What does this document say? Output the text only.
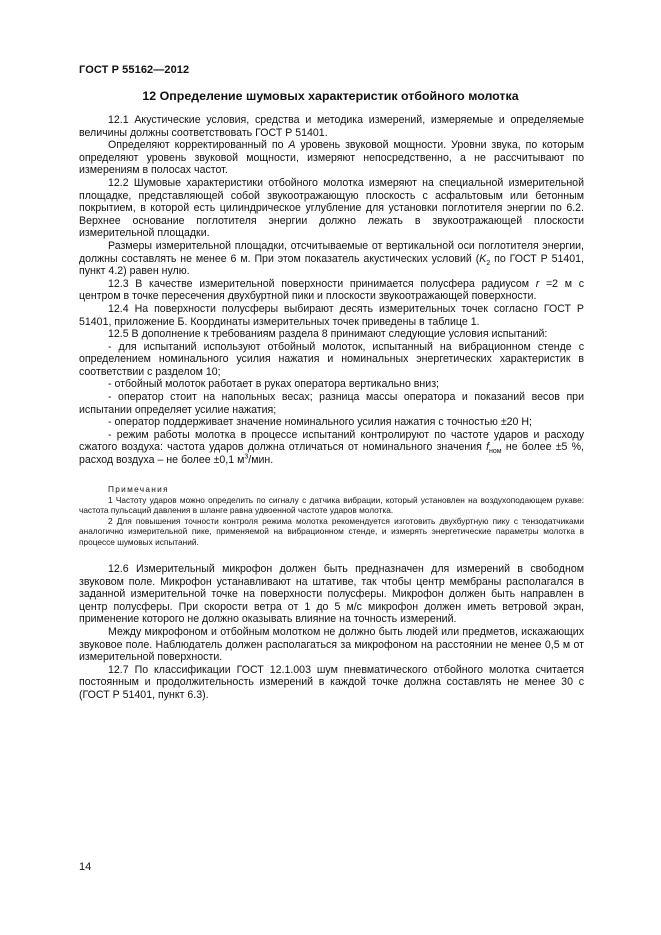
ГОСТ Р 55162—2012
12 Определение шумовых характеристик отбойного молотка

12.1 Акустические условия, средства и методика измерений, измеряемые и определяемые величины должны соответствовать ГОСТ Р 51401.

Определяют корректированный по A уровень звуковой мощности. Уровни звука, по которым определяют уровень звуковой мощности, измеряют непосредственно, а не рассчитывают по измерениям в полосах частот.

12.2 Шумовые характеристики отбойного молотка измеряют на специальной измерительной площадке, представляющей собой звукоотражающую плоскость с асфальтовым или бетонным покрытием, в которой есть цилиндрическое углубление для установки поглотителя энергии по 6.2. Верхнее основание поглотителя энергии должно лежать в звукоотражающей плоскости измерительной площадки.

Размеры измерительной площадки, отсчитываемые от вертикальной оси поглотителя энергии, должны составлять не менее 6 м. При этом показатель акустических условий ($K_2$ по ГОСТ Р 51401, пункт 4.2) равен нулю.

12.3 В качестве измерительной поверхности принимается полусфера радиусом r =2 м с центром в точке пересечения двухбуртной пики и плоскости звукоотражающей поверхности.

12.4 На поверхности полусферы выбирают десять измерительных точек согласно ГОСТ Р 51401, приложение Б. Координаты измерительных точек приведены в таблице 1.

12.5 В дополнение к требованиям раздела 8 принимают следующие условия испытаний:

- для испытаний используют отбойный молоток, испытанный на вибрационном стенде с определением номинального усилия нажатия и номинальных энергетических характеристик в соответствии с разделом 10;

- отбойный молоток работает в руках оператора вертикально вниз;

- оператор стоит на напольных весах; разница массы оператора и показаний весов при испытании определяет усилие нажатия;

- оператор поддерживает значение номинального усилия нажатия с точностью ±20 Н;

- режим работы молотка в процессе испытаний контролируют по частоте ударов и расходу сжатого воздуха: частота ударов должна отличаться от номинального значения $f_{ном}$ не более ±5 %, расход воздуха – не более ±0,1 $м^3$/мин.

Примечания

1 Частоту ударов можно определить по сигналу с датчика вибрации, который установлен на воздухоподающем рукаве: частота пульсаций давления в шланге равна удвоенной частоте ударов молотка.

2 Для повышения точности контроля режима молотка рекомендуется изготовить двухбуртную пику с тензодатчиками аналогично измерительной пике, применяемой на вибрационном стенде, и измерять энергетические параметры молотка в процессе шумовых испытаний.

12.6 Измерительный микрофон должен быть предназначен для измерений в свободном звуковом поле. Микрофон устанавливают на штативе, так чтобы центр мембраны располагался в заданной измерительной точке на поверхности полусферы. Микрофон должен быть направлен в центр полусферы. При скорости ветра от 1 до 5 м/с микрофон должен иметь ветровой экран, применение которого не должно оказывать влияние на точность измерений.

Между микрофоном и отбойным молотком не должно быть людей или предметов, искажающих звуковое поле. Наблюдатель должен располагаться за микрофоном на расстоянии не менее 0,5 м от измерительной поверхности.

12.7 По классификации ГОСТ 12.1.003 шум пневматического отбойного молотка считается постоянным и продолжительность измерений в каждой точке должна составлять не менее 30 с (ГОСТ Р 51401, пункт 6.3).

14
